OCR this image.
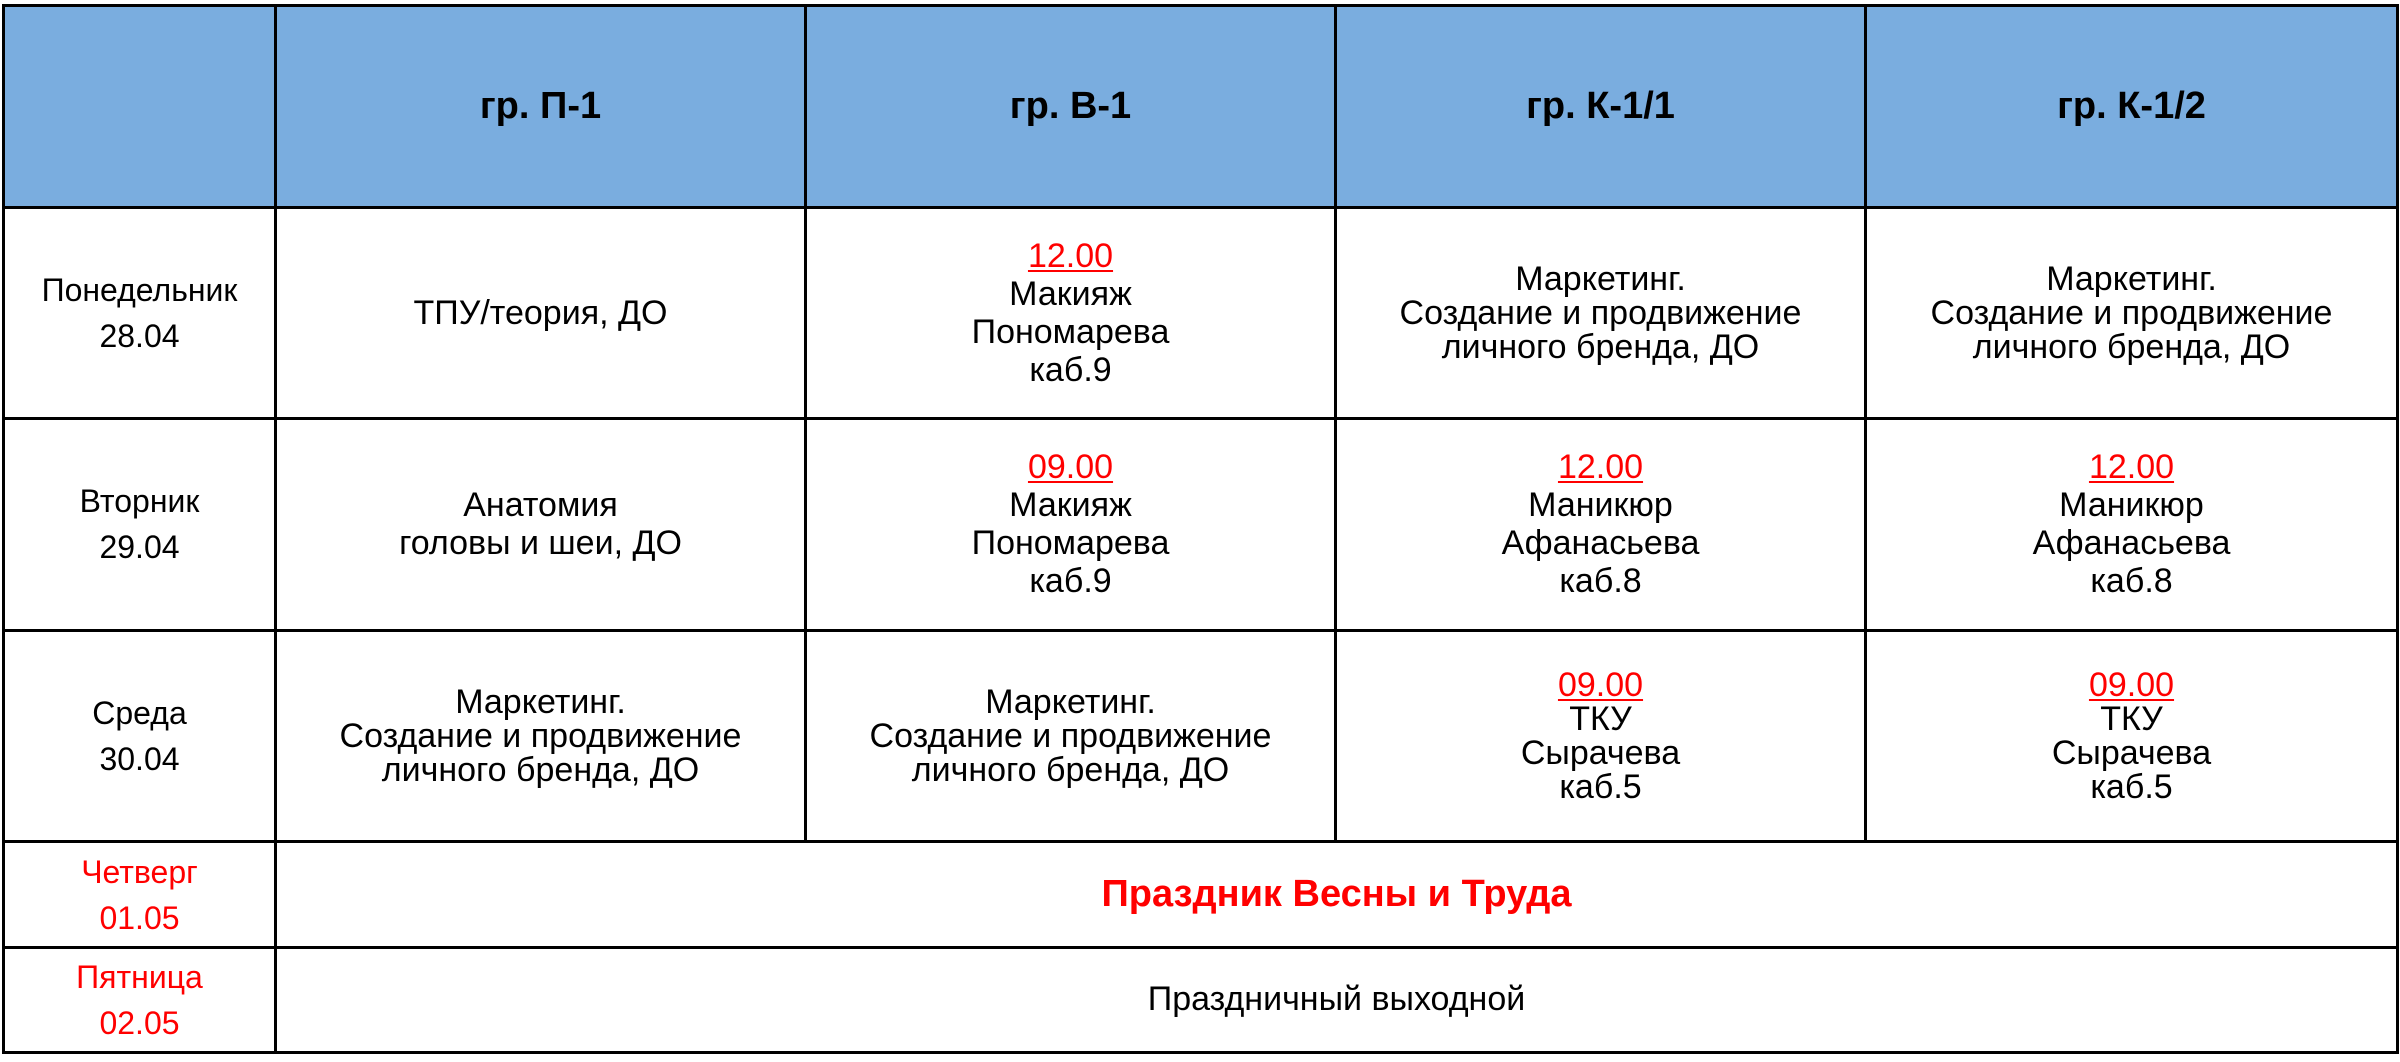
	гр. П-1	гр. В-1	гр. К-1/1	гр. К-1/2

Понедельник
28.04	ТПУ/теория, ДО	12.00
Макияж
Пономарева
каб.9	Маркетинг.
Создание и продвижение
личного бренда, ДО	Маркетинг.
Создание и продвижение
личного бренда, ДО

Вторник
29.04	Анатомия
головы и шеи, ДО	09.00
Макияж
Пономарева
каб.9	12.00
Маникюр
Афанасьева
каб.8	12.00
Маникюр
Афанасьева
каб.8

Среда
30.04	Маркетинг.
Создание и продвижение
личного бренда, ДО	Маркетинг.
Создание и продвижение
личного бренда, ДО	09.00
ТКУ
Сырачева
каб.5	09.00
ТКУ
Сырачева
каб.5

Четверг
01.05	Праздник Весны и Труда			

Пятница
02.05	Праздничный выходной			
